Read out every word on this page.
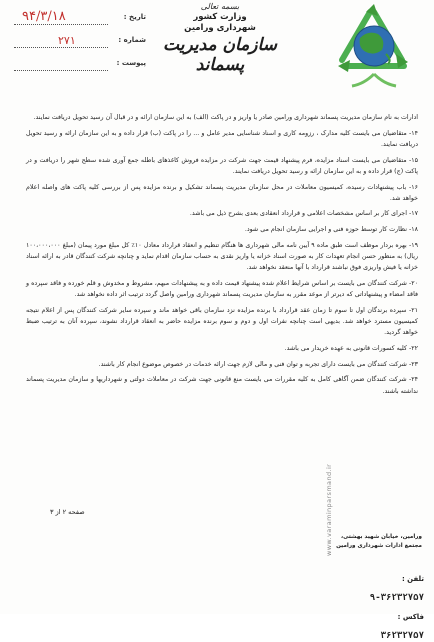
تاریخ :
۹۴/۳/۱۸
شماره :
۲۷۱
پیوست :
بسمه تعالی
وزارت کشور
شهرداری ورامین
سازمان مدیریت پسماند

ادارات به نام سازمان مدیریت پسماند شهرداری ورامین صادر یا واریز و در پاکت (الف) به این سازمان ارائه و در قبال آن رسید تحویل دریافت نمایند.

۱۴- متقاضیان می بایست کلیه مدارک ، رزومه کاری و اسناد شناسایی مدیر عامل و ... را در پاکت (ب) قرار داده و به این سازمان ارائه و رسید تحویل دریافت نمایند.

۱۵- متقاضیان می بایست اسناد مزایده، فرم پیشنهاد قیمت جهت شرکت در مزایده فروش کاغذهای باطله جمع آوری شده سطح شهر را دریافت و در پاکت (ج) قرار داده و به این سازمان ارائه و رسید تحویل دریافت نمایند.

۱۶- باب پیشنهادات رسیده، کمیسیون معاملات در محل سازمان مدیریت پسماند تشکیل و برنده مزایده پس از بررسی کلیه پاکت های واصله اعلام خواهد شد.

۱۷- اجرای کار بر اساس مشخصات اعلامی و قرارداد انعقادی بعدی بشرح ذیل می باشد.

۱۸- نظارت کار توسط حوزه فنی و اجرایی سازمان انجام می شود.

۱۹- بهره بردار موظف است طبق ماده ۹ آیین نامه مالی شهرداری ها هنگام تنظیم و انعقاد قرارداد معادل ۱۰٪ کل مبلغ مورد پیمان (مبلغ ۱۰۰،۰۰۰،۰۰۰ ریال) به منظور حسن انجام تعهدات کار به صورت اسناد خزانه یا واریز نقدی به حساب سازمان اقدام نماید و چنانچه شرکت کنندگان قادر به ارائه اسناد خزانه یا فیش واریزی فوق نباشند قرارداد با آنها منعقد نخواهد شد.

۲۰- شرکت کنندگان می بایست بر اساس شرایط اعلام شده پیشنهاد قیمت داده و به پیشنهادات مبهم، مشروط و مخدوش و قلم خورده و فاقد سپرده و فاقد امضاء و پیشنهاداتی که دیرتر از موعد مقرر به سازمان مدیریت پسماند شهرداری ورامین واصل گردد ترتیب اثر داده نخواهد شد.

۲۱- سپرده برندگان اول تا سوم تا زمان عقد قرارداد با برنده مزایده نزد سازمان باقی خواهد ماند و سپرده سایر شرکت کنندگان پس از اعلام نتیجه کمیسیون مسترد خواهد شد. بدیهی است چنانچه نفرات اول و دوم و سوم برنده مزایده حاضر به انعقاد قرارداد نشوند، سپرده آنان به ترتیب ضبط خواهد گردید.

۲۲- کلیه کسورات قانونی به عهده خریدار می باشد.

۲۳- شرکت کنندگان می بایست دارای تجربه و توان فنی و مالی لازم جهت ارائه خدمات در خصوص موضوع انجام کار باشند.

۲۴- شرکت کنندگان ضمن آگاهی کامل به کلیه مقررات می بایست منع قانونی جهت شرکت در معاملات دولتی و شهرداریها و سازمان مدیریت پسماند نداشته باشند.

صفحه ۲ از ۳	www.varaminparsmand.ir	ورامین، خیابان شهید بهشتی، مجتمع ادارات شهرداری ورامین
تلفن : ۳۶۲۳۲۷۵۷-۹
فاکس : ۳۶۲۳۲۷۵۷
